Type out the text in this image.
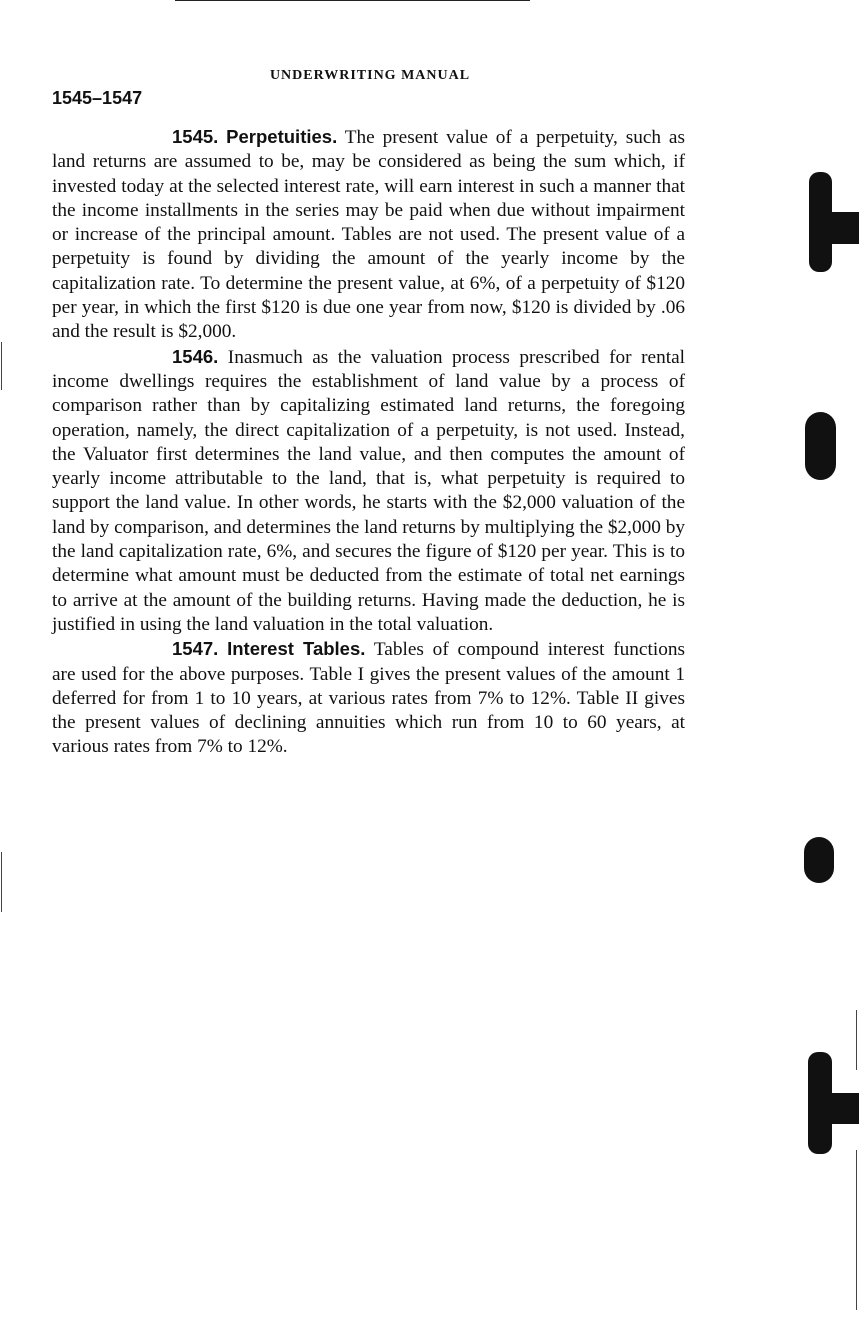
UNDERWRITING MANUAL
1545–1547

1545. Perpetuities. The present value of a perpetuity, such as land returns are assumed to be, may be considered as being the sum which, if invested today at the selected interest rate, will earn interest in such a manner that the income installments in the series may be paid when due without impairment or increase of the principal amount. Tables are not used. The present value of a perpetuity is found by dividing the amount of the yearly income by the capitalization rate. To determine the present value, at 6%, of a perpetuity of $120 per year, in which the first $120 is due one year from now, $120 is divided by .06 and the result is $2,000.

1546. Inasmuch as the valuation process prescribed for rental income dwellings requires the establishment of land value by a process of comparison rather than by capitalizing estimated land returns, the foregoing operation, namely, the direct capitalization of a perpetuity, is not used. Instead, the Valuator first determines the land value, and then computes the amount of yearly income attributable to the land, that is, what perpetuity is required to support the land value. In other words, he starts with the $2,000 valuation of the land by comparison, and determines the land returns by multiplying the $2,000 by the land capitalization rate, 6%, and secures the figure of $120 per year. This is to determine what amount must be deducted from the estimate of total net earnings to arrive at the amount of the building returns. Having made the deduction, he is justified in using the land valuation in the total valuation.

1547. Interest Tables. Tables of compound interest functions are used for the above purposes. Table I gives the present values of the amount 1 deferred for from 1 to 10 years, at various rates from 7% to 12%. Table II gives the present values of declining annuities which run from 10 to 60 years, at various rates from 7% to 12%.
